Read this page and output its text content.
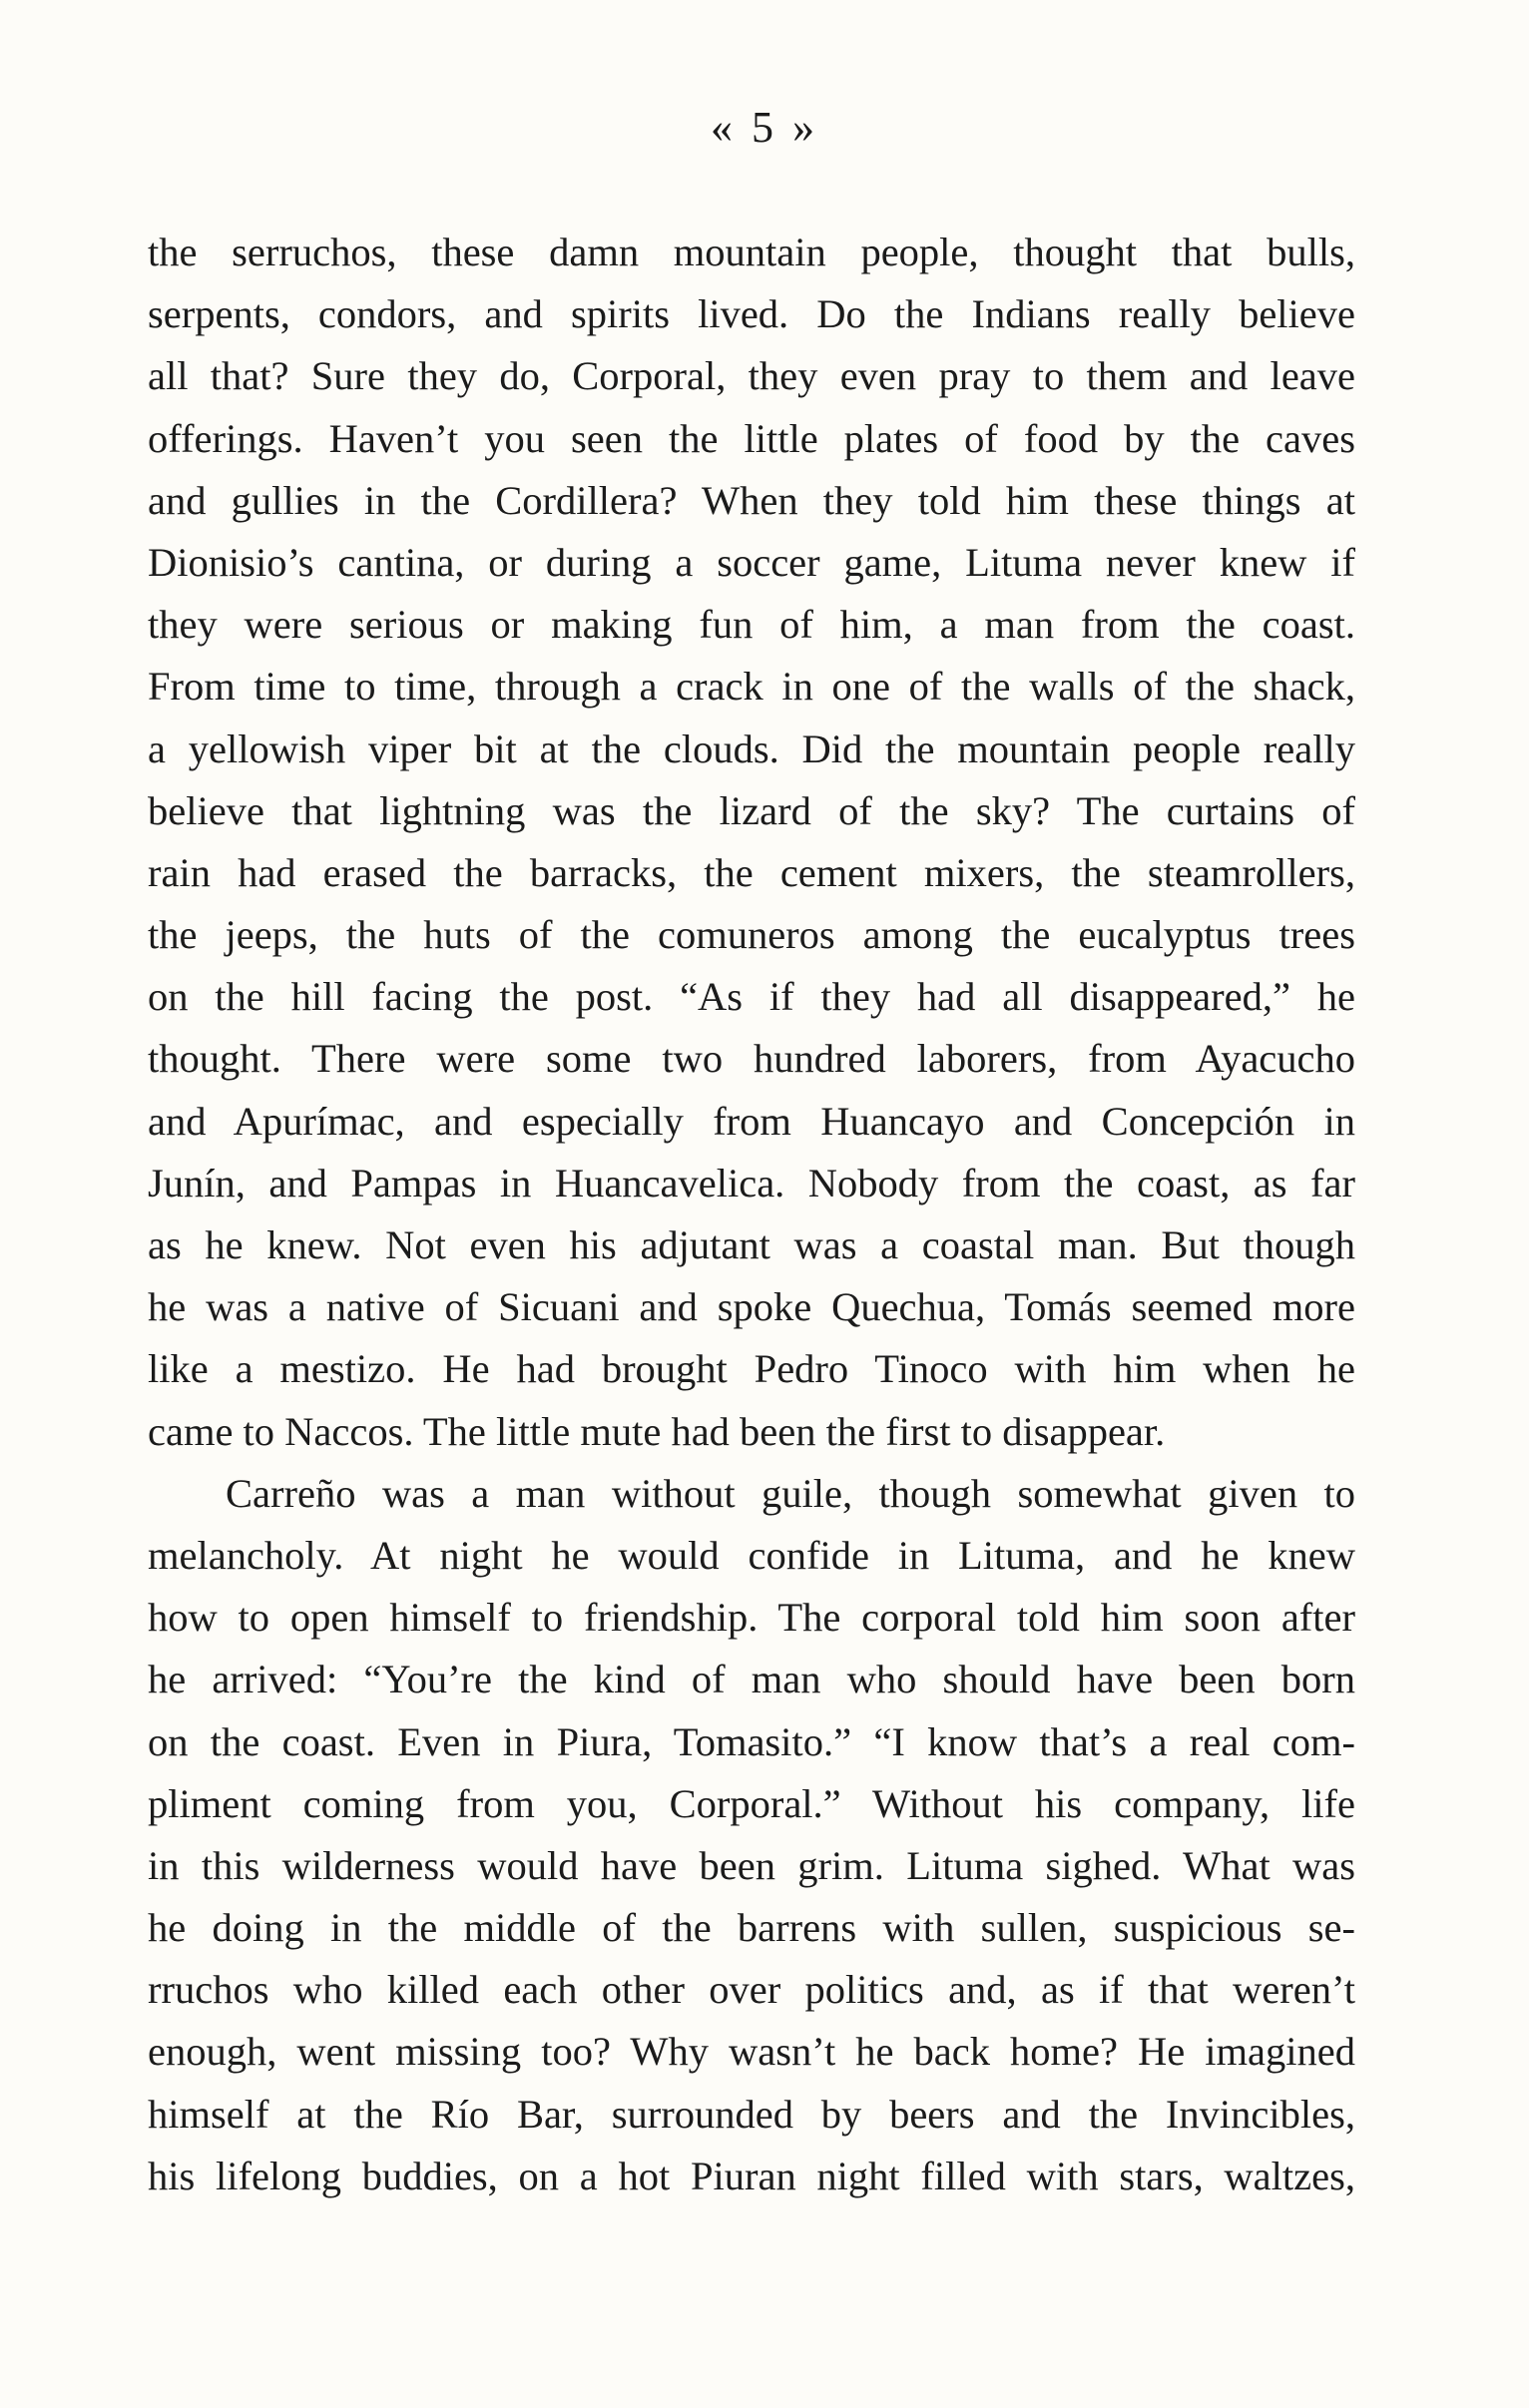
« 5 »
the serruchos, these damn mountain people, thought that bulls,
serpents, condors, and spirits lived. Do the Indians really believe
all that? Sure they do, Corporal, they even pray to them and leave
offerings. Haven’t you seen the little plates of food by the caves
and gullies in the Cordillera? When they told him these things at
Dionisio’s cantina, or during a soccer game, Lituma never knew if
they were serious or making fun of him, a man from the coast.
From time to time, through a crack in one of the walls of the shack,
a yellowish viper bit at the clouds. Did the mountain people really
believe that lightning was the lizard of the sky? The curtains of
rain had erased the barracks, the cement mixers, the steamrollers,
the jeeps, the huts of the comuneros among the eucalyptus trees
on the hill facing the post. “As if they had all disappeared,” he
thought. There were some two hundred laborers, from Ayacucho
and Apurímac, and especially from Huancayo and Concepción in
Junín, and Pampas in Huancavelica. Nobody from the coast, as far
as he knew. Not even his adjutant was a coastal man. But though
he was a native of Sicuani and spoke Quechua, Tomás seemed more
like a mestizo. He had brought Pedro Tinoco with him when he
came to Naccos. The little mute had been the first to disappear.
Carreño was a man without guile, though somewhat given to
melancholy. At night he would confide in Lituma, and he knew
how to open himself to friendship. The corporal told him soon after
he arrived: “You’re the kind of man who should have been born
on the coast. Even in Piura, Tomasito.” “I know that’s a real com-
pliment coming from you, Corporal.” Without his company, life
in this wilderness would have been grim. Lituma sighed. What was
he doing in the middle of the barrens with sullen, suspicious se-
rruchos who killed each other over politics and, as if that weren’t
enough, went missing too? Why wasn’t he back home? He imagined
himself at the Río Bar, surrounded by beers and the Invincibles,
his lifelong buddies, on a hot Piuran night filled with stars, waltzes,
